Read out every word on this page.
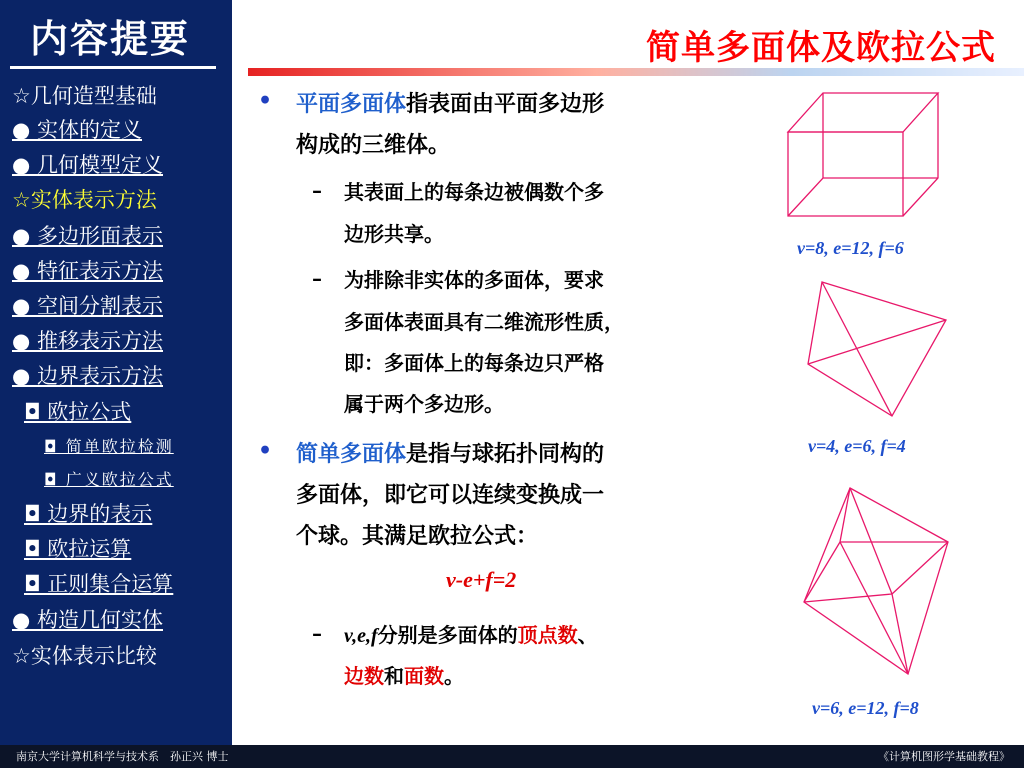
内容提要
☆几何造型基础
● 实体的定义
● 几何模型定义
☆实体表示方法
● 多边形面表示
● 特征表示方法
● 空间分割表示
● 推移表示方法
● 边界表示方法
◘ 欧拉公式
◘ 简单欧拉检测
◘ 广义欧拉公式
◘ 边界的表示
◘ 欧拉运算
◘ 正则集合运算
● 构造几何实体
☆实体表示比较
简单多面体及欧拉公式
• 平面多面体指表面由平面多边形
构成的三维体。
– 其表面上的每条边被偶数个多
边形共享。
– 为排除非实体的多面体，要求
多面体表面具有二维流形性质，
即：多面体上的每条边只严格
属于两个多边形。
• 简单多面体是指与球拓扑同构的
多面体，即它可以连续变换成一
个球。其满足欧拉公式：
v-e+f=2
– v,e,f分别是多面体的顶点数、
边数和面数。
v=8, e=12, f=6
v=4, e=6, f=4
v=6, e=12, f=8
南京大学计算机科学与技术系　孙正兴 博士	《计算机图形学基础教程》
